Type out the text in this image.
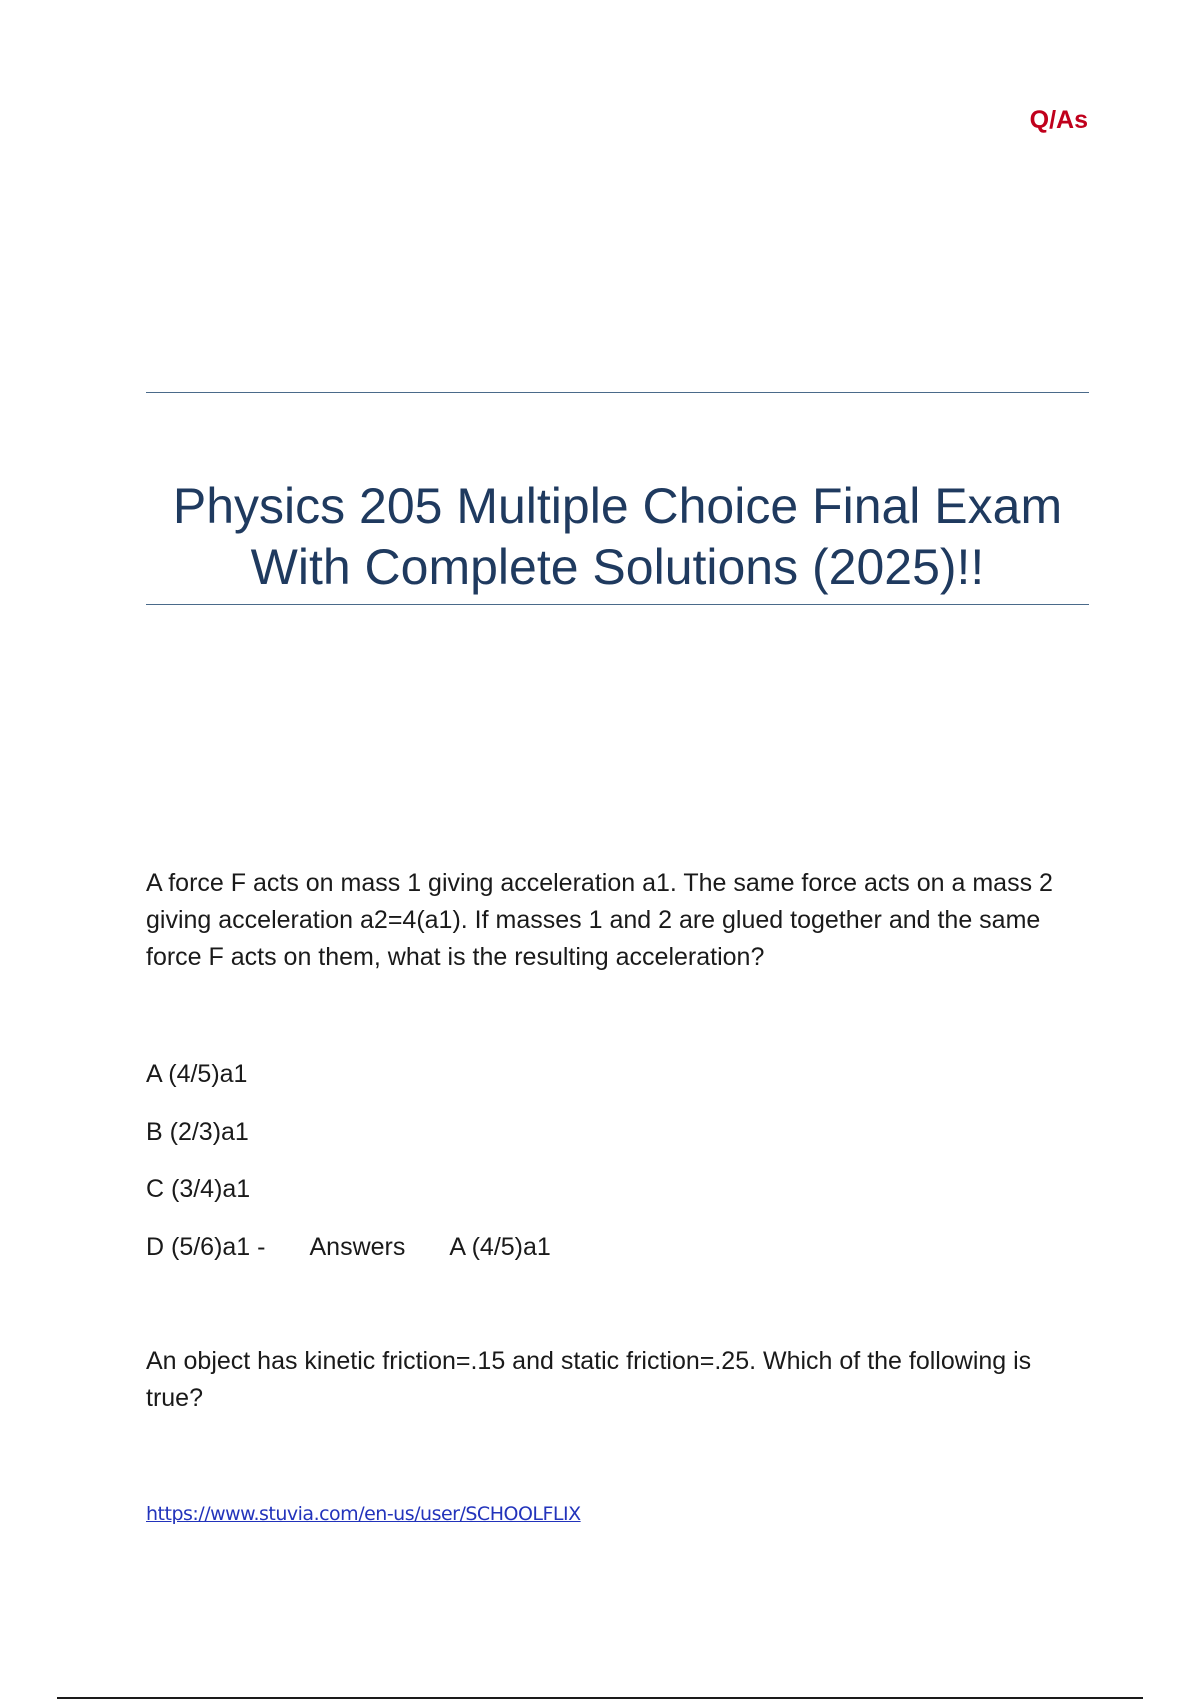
Q/As
Physics 205 Multiple Choice Final Exam With Complete Solutions (2025)!!

A force F acts on mass 1 giving acceleration a1. The same force acts on a mass 2 giving acceleration a2=4(a1). If masses 1 and 2 are glued together and the same force F acts on them, what is the resulting acceleration?

A (4/5)a1

B (2/3)a1

C (3/4)a1

D (5/6)a1 - Answers A (4/5)a1

An object has kinetic friction=.15 and static friction=.25. Which of the following is true?

https://www.stuvia.com/en-us/user/SCHOOLFLIX
